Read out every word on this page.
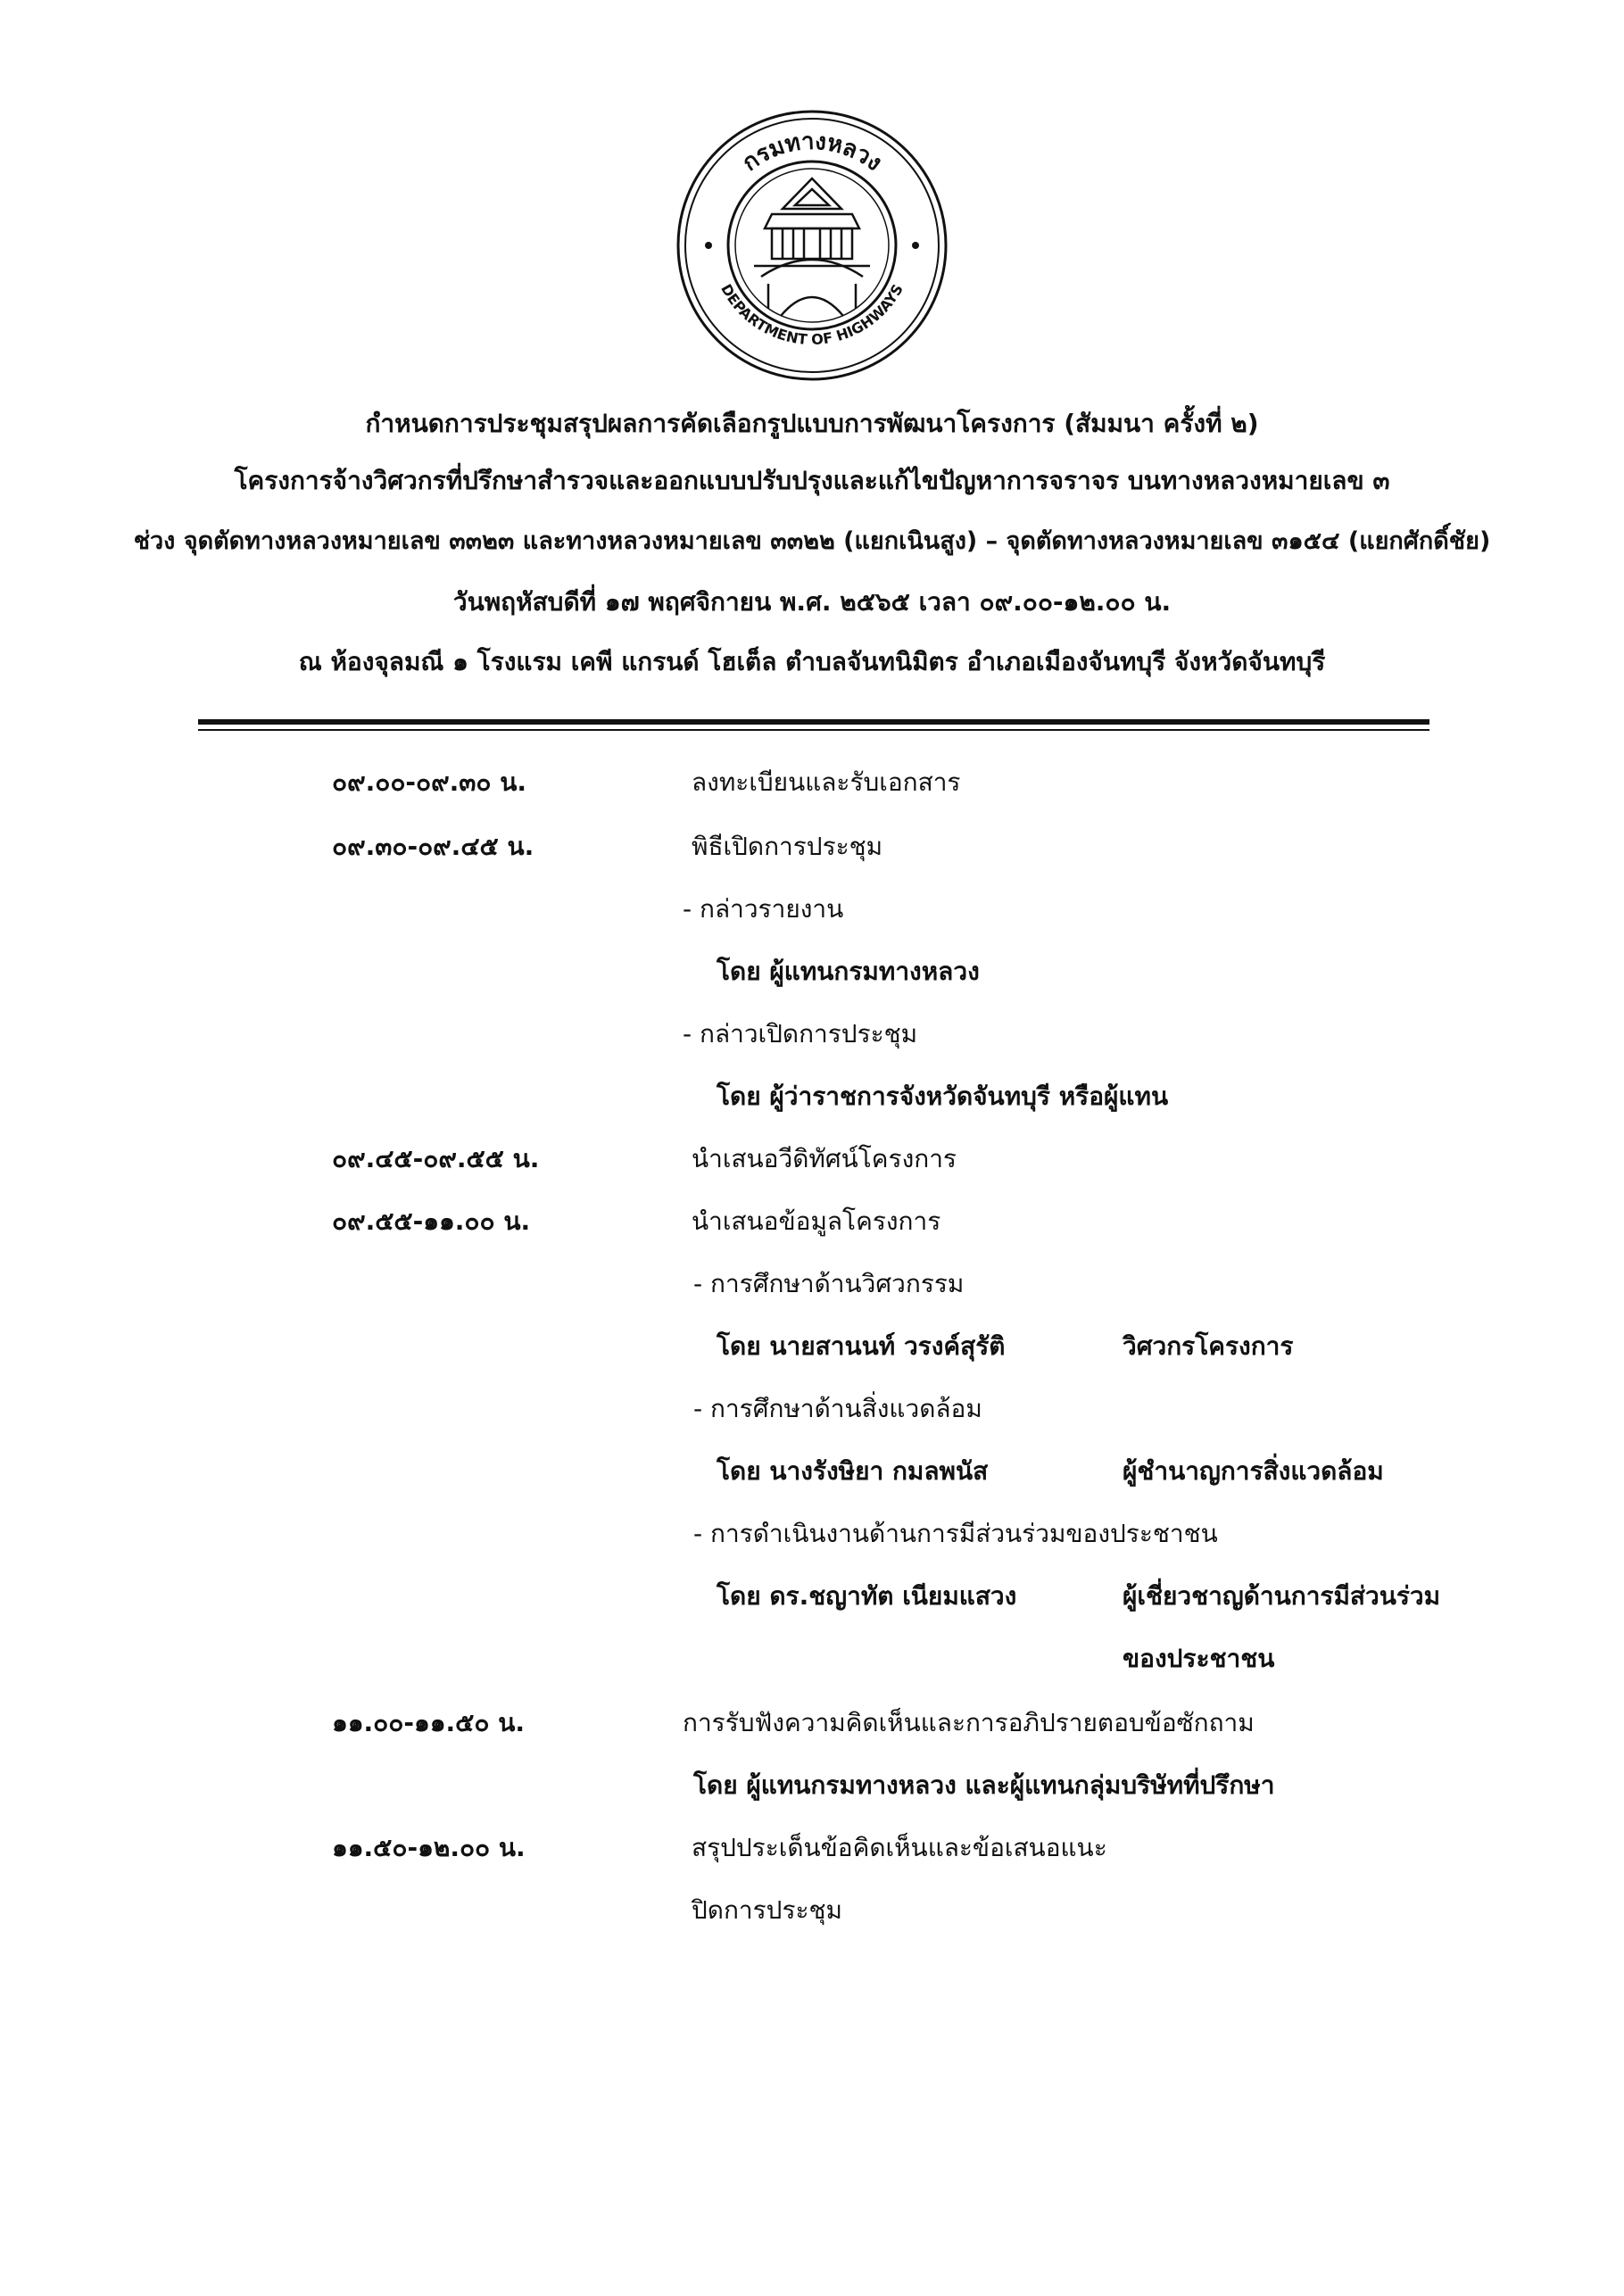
กรมทางหลวง
DEPARTMENT OF HIGHWAYS
กำหนดการประชุมสรุปผลการคัดเลือกรูปแบบการพัฒนาโครงการ (สัมมนา ครั้งที่ ๒)
โครงการจ้างวิศวกรที่ปรึกษาสำรวจและออกแบบปรับปรุงและแก้ไขปัญหาการจราจร บนทางหลวงหมายเลข ๓
ช่วง จุดตัดทางหลวงหมายเลข ๓๓๒๓ และทางหลวงหมายเลข ๓๓๒๒ (แยกเนินสูง) – จุดตัดทางหลวงหมายเลข ๓๑๕๔ (แยกศักดิ์ชัย)
วันพฤหัสบดีที่ ๑๗ พฤศจิกายน พ.ศ. ๒๕๖๕ เวลา ๐๙.๐๐-๑๒.๐๐ น.
ณ ห้องจุลมณี ๑ โรงแรม เคพี แกรนด์ โฮเต็ล ตำบลจันทนิมิตร อำเภอเมืองจันทบุรี จังหวัดจันทบุรี
๐๙.๐๐-๐๙.๓๐ น.	ลงทะเบียนและรับเอกสาร
๐๙.๓๐-๐๙.๔๕ น.	พิธีเปิดการประชุม
- กล่าวรายงาน
โดย ผู้แทนกรมทางหลวง
- กล่าวเปิดการประชุม
โดย ผู้ว่าราชการจังหวัดจันทบุรี หรือผู้แทน
๐๙.๔๕-๐๙.๕๕ น.	นำเสนอวีดิทัศน์โครงการ
๐๙.๕๕-๑๑.๐๐ น.	นำเสนอข้อมูลโครงการ
- การศึกษาด้านวิศวกรรม
โดย นายสานนท์ วรงค์สุรัติ	วิศวกรโครงการ
- การศึกษาด้านสิ่งแวดล้อม
โดย นางรังษิยา กมลพนัส	ผู้ชำนาญการสิ่งแวดล้อม
- การดำเนินงานด้านการมีส่วนร่วมของประชาชน
โดย ดร.ชญาทัต เนียมแสวง	ผู้เชี่ยวชาญด้านการมีส่วนร่วม
ของประชาชน
๑๑.๐๐-๑๑.๕๐ น.	การรับฟังความคิดเห็นและการอภิปรายตอบข้อซักถาม
โดย ผู้แทนกรมทางหลวง และผู้แทนกลุ่มบริษัทที่ปรึกษา
๑๑.๕๐-๑๒.๐๐ น.	สรุปประเด็นข้อคิดเห็นและข้อเสนอแนะ
ปิดการประชุม
